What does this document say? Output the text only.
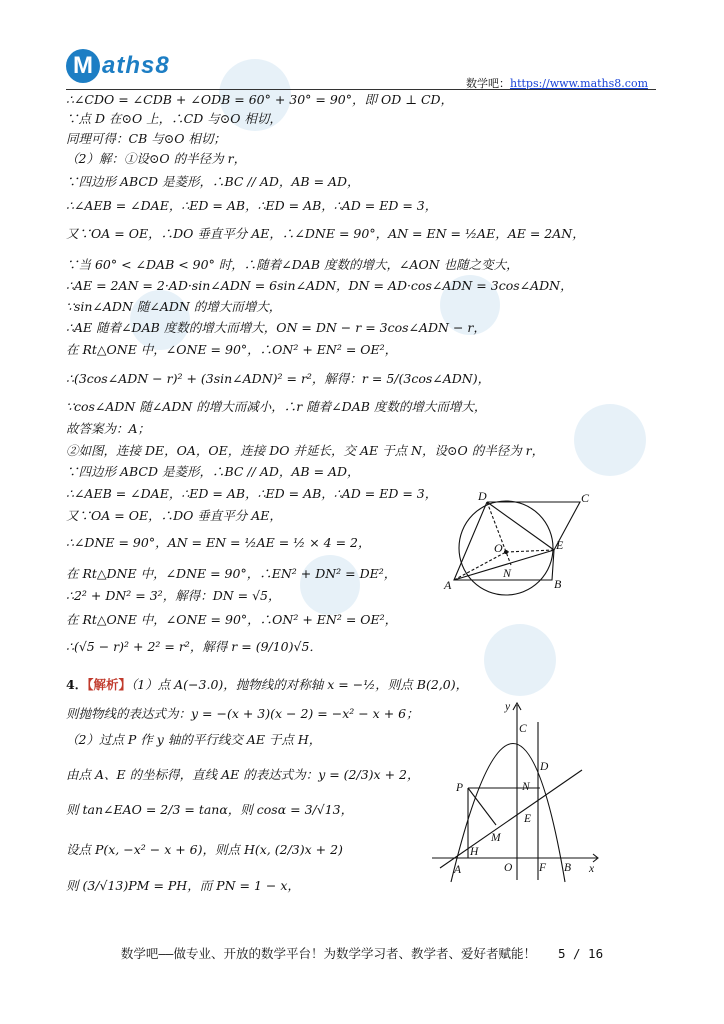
M aths8
数学吧：https://www.maths8.com
∴∠CDO = ∠CDB + ∠ODB = 60° + 30° = 90°，即 OD ⊥ CD，
∵点 D 在⊙O 上，∴CD 与⊙O 相切，
同理可得：CB 与⊙O 相切；
（2）解：①设⊙O 的半径为 r，
∵四边形 ABCD 是菱形，∴BC // AD，AB = AD，
∴∠AEB = ∠DAE，∴ED = AB，∴ED = AB，∴AD = ED = 3，
又∵OA = OE，∴DO 垂直平分 AE，∴∠DNE = 90°，AN = EN = ½AE，AE = 2AN，
∵当 60° < ∠DAB < 90° 时，∴随着∠DAB 度数的增大，∠AON 也随之变大，
∴AE = 2AN = 2·AD·sin∠ADN = 6sin∠ADN，DN = AD·cos∠ADN = 3cos∠ADN，
∵sin∠ADN 随∠ADN 的增大而增大，
∴AE 随着∠DAB 度数的增大而增大，ON = DN − r = 3cos∠ADN − r，
在 Rt△ONE 中，∠ONE = 90°，∴ON² + EN² = OE²，
∴(3cos∠ADN − r)² + (3sin∠ADN)² = r²，解得：r = 5/(3cos∠ADN)，
∵cos∠ADN 随∠ADN 的增大而减小，∴r 随着∠DAB 度数的增大而增大，
故答案为：A；
②如图，连接 DE，OA，OE，连接 DO 并延长，交 AE 于点 N，设⊙O 的半径为 r，
∵四边形 ABCD 是菱形，∴BC // AD，AB = AD，
∴∠AEB = ∠DAE，∴ED = AB，∴ED = AB，∴AD = ED = 3，
又∵OA = OE，∴DO 垂直平分 AE，
∴∠DNE = 90°，AN = EN = ½AE = ½ × 4 = 2，
在 Rt△DNE 中，∠DNE = 90°，∴EN² + DN² = DE²，
∴2² + DN² = 3²，解得：DN = √5，
在 Rt△ONE 中，∠ONE = 90°，∴ON² + EN² = OE²，
∴(√5 − r)² + 2² = r²，解得 r = (9/10)√5．
4．【解析】（1）点 A(−3.0)，抛物线的对称轴 x = −½，则点 B(2,0)，
则抛物线的表达式为：y = −(x + 3)(x − 2) = −x² − x + 6；
（2）过点 P 作 y 轴的平行线交 AE 于点 H，
由点 A、E 的坐标得，直线 AE 的表达式为：y = (2/3)x + 2，
则 tan∠EAO = 2/3 = tanα，则 cosα = 3/√13，
设点 P(x, −x² − x + 6)，则点 H(x, (2/3)x + 2)
则 (3/√13)PM = PH，而 PN = 1 − x，
D	C
O	E
N
A	B
y
C
D
P	N
E
M
H
A	O F B x
数学吧——做专业、开放的数学平台！为数学学习者、教学者、爱好者赋能！ 5 / 16
